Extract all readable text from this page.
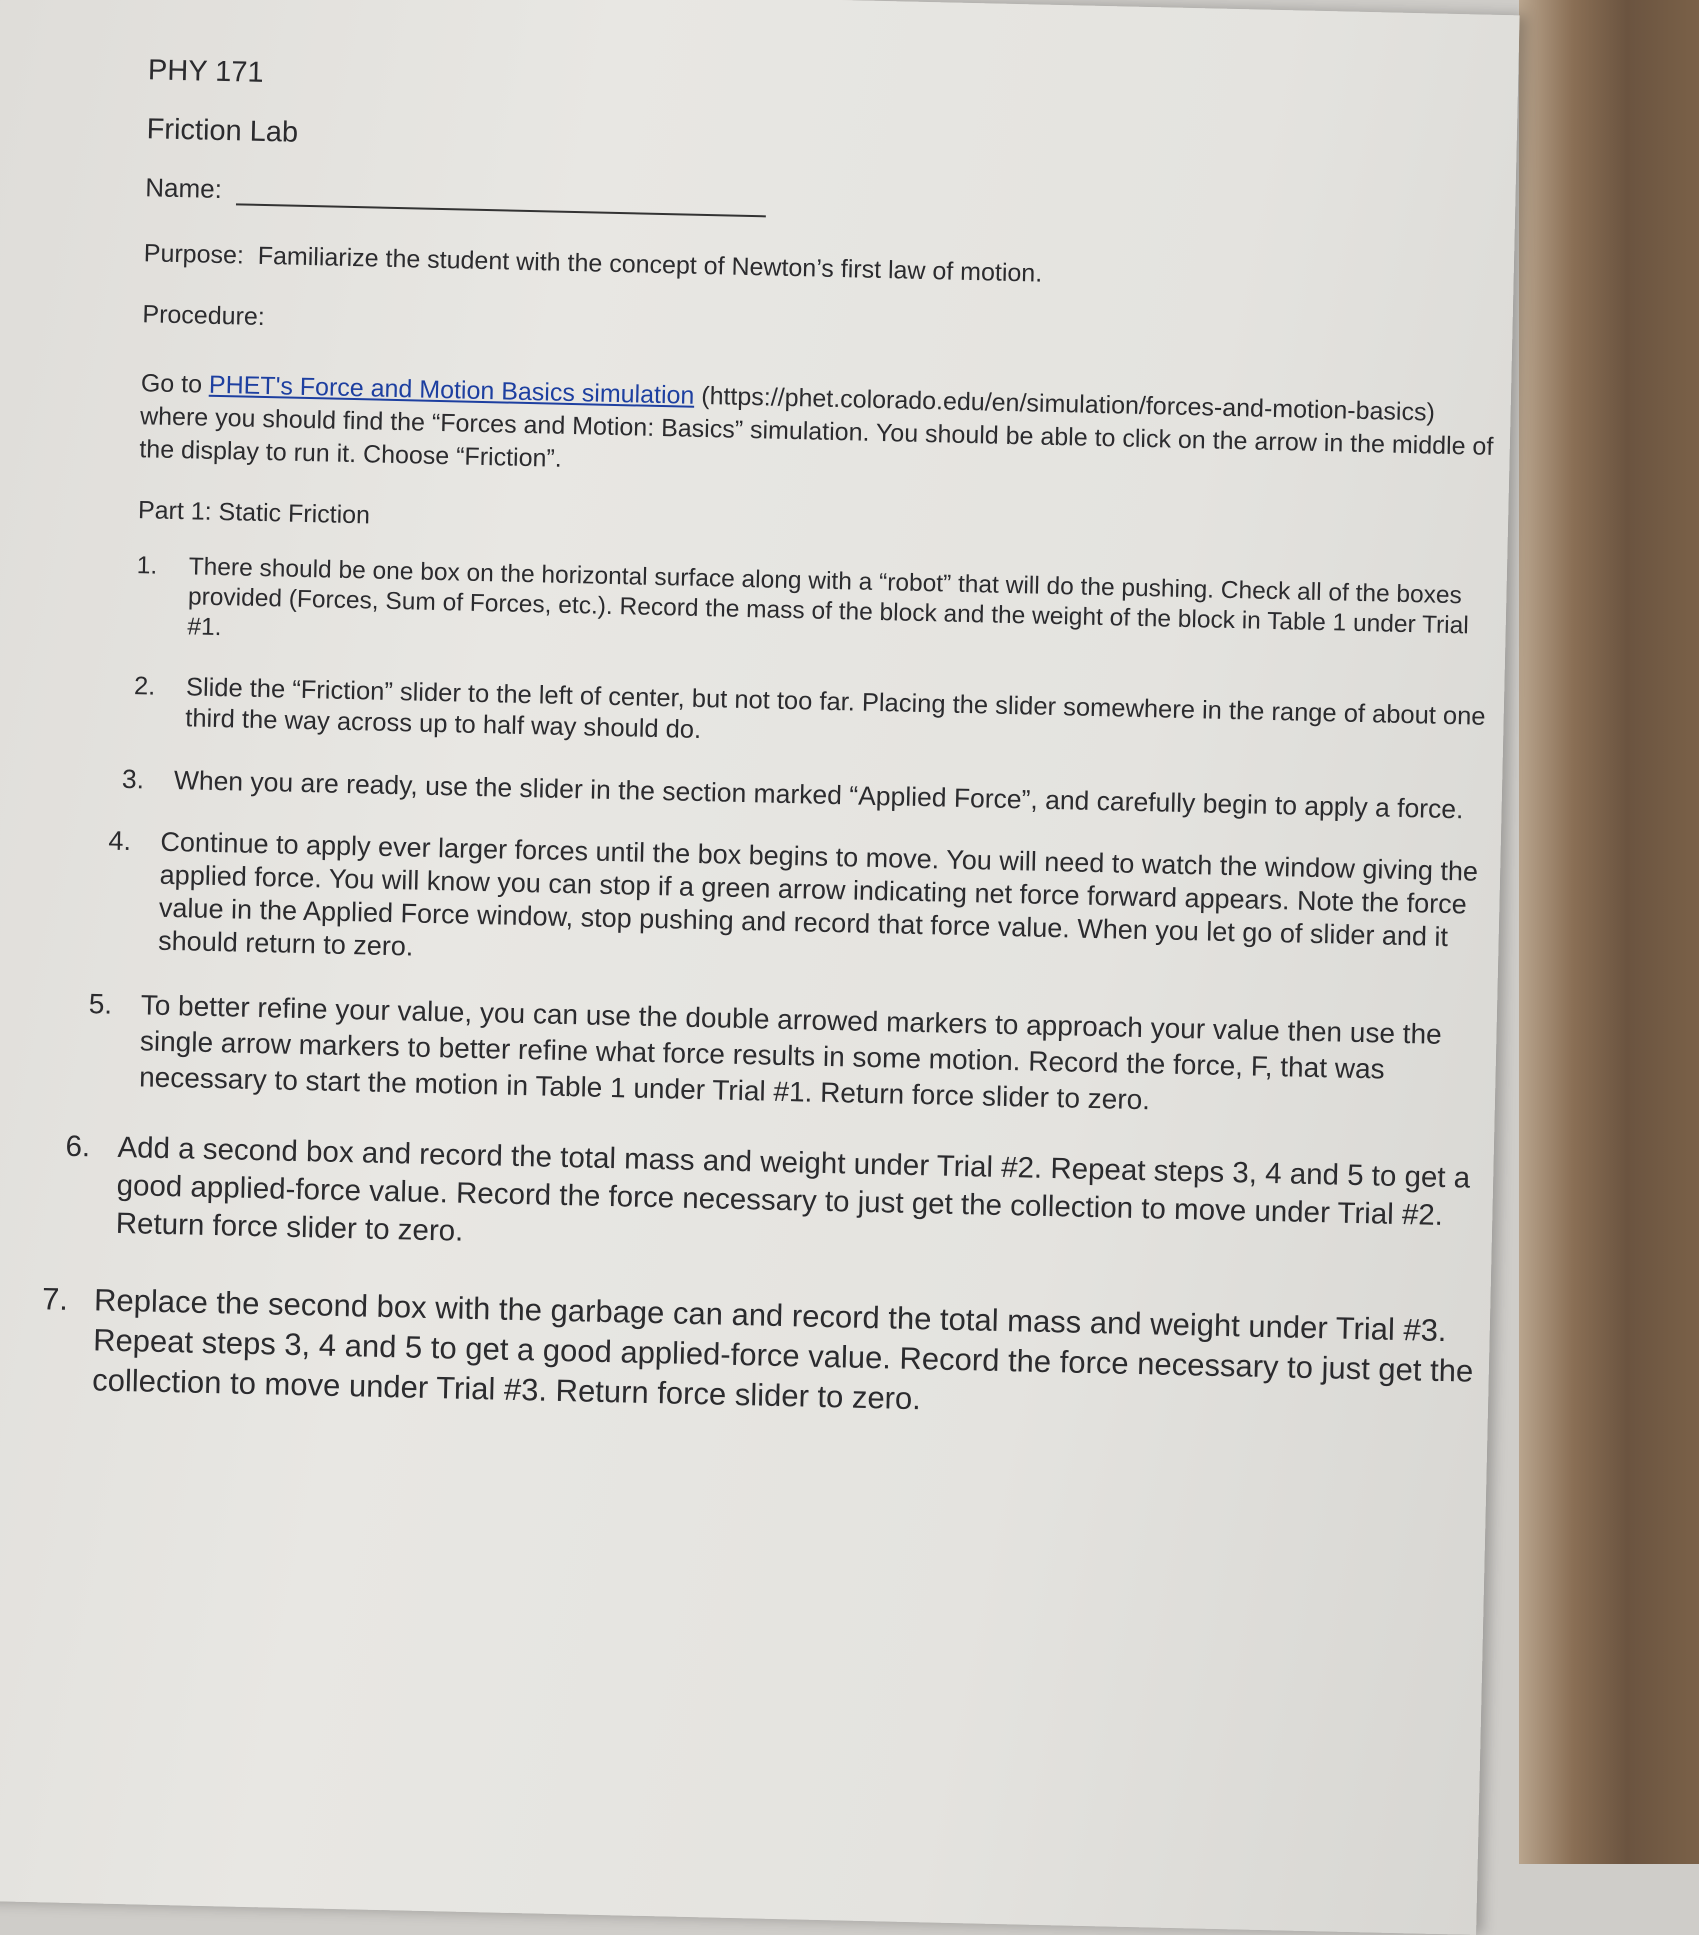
PHY 171
Friction Lab
Name:
Purpose: Familiarize the student with the concept of Newton’s first law of motion.
Procedure:
Go to PHET's Force and Motion Basics simulation (https://phet.colorado.edu/en/simulation/forces-and-motion-basics) where you should find the “Forces and Motion: Basics” simulation. You should be able to click on the arrow in the middle of the display to run it. Choose “Friction”.
Part 1: Static Friction
1. There should be one box on the horizontal surface along with a “robot” that will do the pushing. Check all of the boxes provided (Forces, Sum of Forces, etc.). Record the mass of the block and the weight of the block in Table 1 under Trial #1.
2. Slide the “Friction” slider to the left of center, but not too far. Placing the slider somewhere in the range of about one third the way across up to half way should do.
3. When you are ready, use the slider in the section marked “Applied Force”, and carefully begin to apply a force.
4. Continue to apply ever larger forces until the box begins to move. You will need to watch the window giving the applied force. You will know you can stop if a green arrow indicating net force forward appears. Note the force value in the Applied Force window, stop pushing and record that force value. When you let go of slider and it should return to zero.
5. To better refine your value, you can use the double arrowed markers to approach your value then use the single arrow markers to better refine what force results in some motion. Record the force, F, that was necessary to start the motion in Table 1 under Trial #1. Return force slider to zero.
6. Add a second box and record the total mass and weight under Trial #2. Repeat steps 3, 4 and 5 to get a good applied-force value. Record the force necessary to just get the collection to move under Trial #2. Return force slider to zero.
7. Replace the second box with the garbage can and record the total mass and weight under Trial #3. Repeat steps 3, 4 and 5 to get a good applied-force value. Record the force necessary to just get the collection to move under Trial #3. Return force slider to zero.
